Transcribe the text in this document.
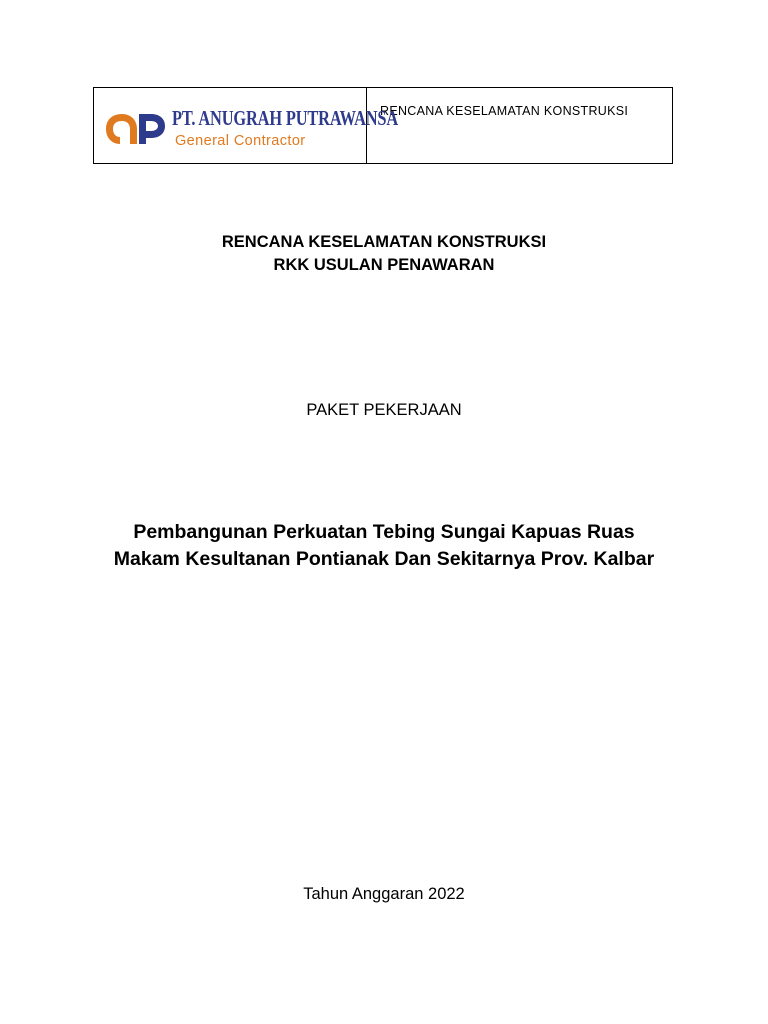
PT. ANUGRAH PUTRAWANSA
General Contractor
RENCANA KESELAMATAN KONSTRUKSI
RENCANA KESELAMATAN KONSTRUKSI
RKK USULAN PENAWARAN
PAKET PEKERJAAN
Pembangunan Perkuatan Tebing Sungai Kapuas Ruas
Makam Kesultanan Pontianak Dan Sekitarnya Prov. Kalbar
Tahun Anggaran 2022
